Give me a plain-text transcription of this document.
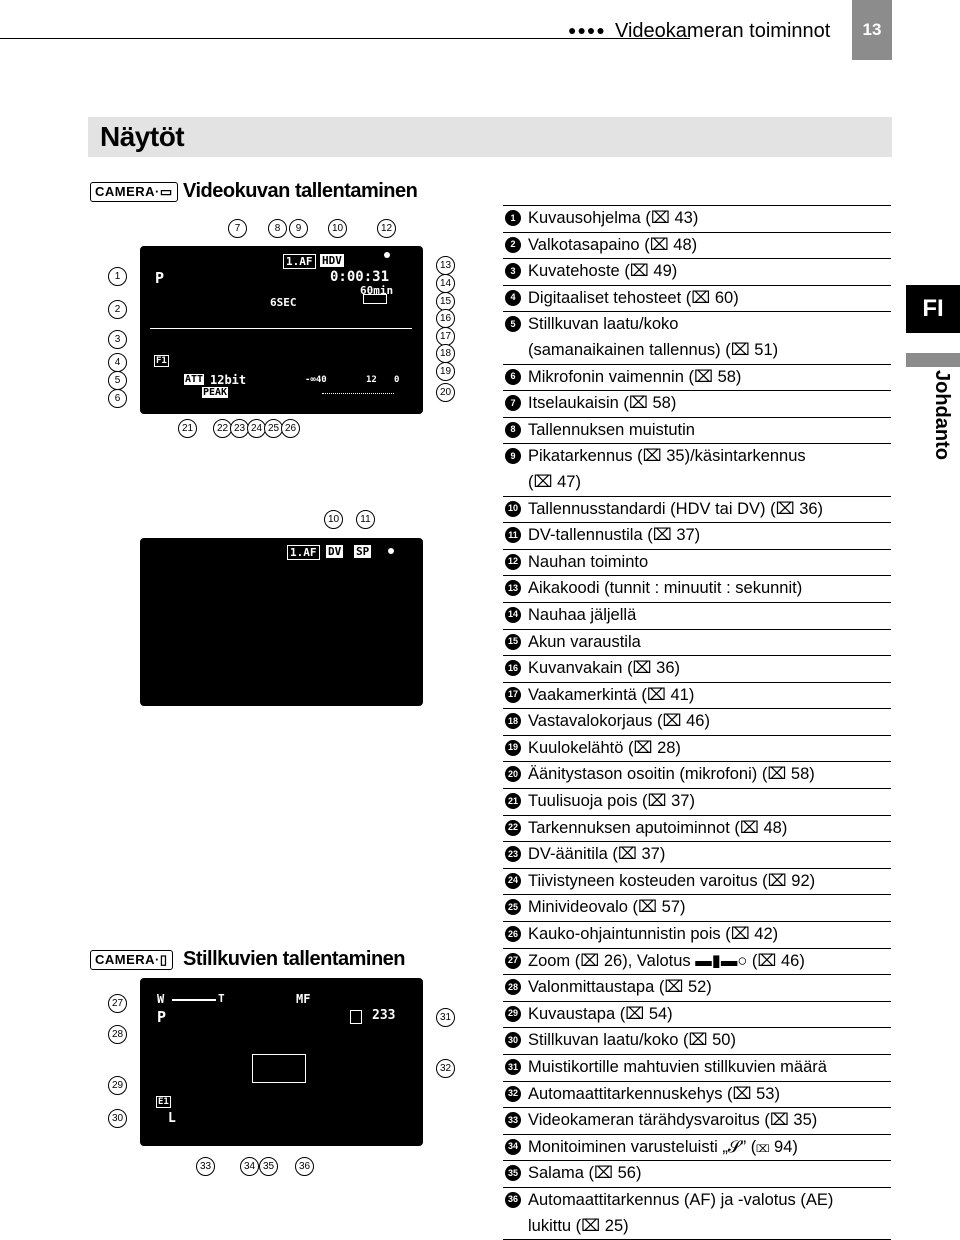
●●●● Videokameran toiminnot	13
Näytöt
FI
Johdanto
CAMERA·▭ Videokuvan tallentaminen
P
1.AF HDV
0:00:31
60min
6SEC
F1
ATT 12bit
PEAK
-∞40	12 0
7	8	9	10	12
1
2
3
4
5
6
13
14
15
16
17
18
19
20
21	22 23 24 25 26
10	11
1.AF DV SP
CAMERA·▯ Stillkuvien tallentaminen
W	T
P
MF
233
E1
L
27
28
29
30
31
32
33	34 35	36
1 Kuvausohjelma (⌧ 43)
2 Valkotasapaino (⌧ 48)
3 Kuvatehoste (⌧ 49)
4 Digitaaliset tehosteet (⌧ 60)
5 Stillkuvan laatu/koko
(samanaikainen tallennus) (⌧ 51)
6 Mikrofonin vaimennin (⌧ 58)
7 Itselaukaisin (⌧ 58)
8 Tallennuksen muistutin
9 Pikatarkennus (⌧ 35)/käsintarkennus
(⌧ 47)
10 Tallennusstandardi (HDV tai DV) (⌧ 36)
11 DV-tallennustila (⌧ 37)
12 Nauhan toiminto
13 Aikakoodi (tunnit : minuutit : sekunnit)
14 Nauhaa jäljellä
15 Akun varaustila
16 Kuvanvakain (⌧ 36)
17 Vaakamerkintä (⌧ 41)
18 Vastavalokorjaus (⌧ 46)
19 Kuulokelähtö (⌧ 28)
20 Äänitystason osoitin (mikrofoni) (⌧ 58)
21 Tuulisuoja pois (⌧ 37)
22 Tarkennuksen aputoiminnot (⌧ 48)
23 DV-äänitila (⌧ 37)
24 Tiivistyneen kosteuden varoitus (⌧ 92)
25 Minivideovalo (⌧ 57)
26 Kauko-ohjaintunnistin pois (⌧ 42)
27 Zoom (⌧ 26), Valotus ▬▮▬○ (⌧ 46)
28 Valonmittaustapa (⌧ 52)
29 Kuvaustapa (⌧ 54)
30 Stillkuvan laatu/koko (⌧ 50)
31 Muistikortille mahtuvien stillkuvien määrä
32 Automaattitarkennuskehys (⌧ 53)
33 Videokameran tärähdysvaroitus (⌧ 35)
34 Monitoiminen varusteluisti „𝓢” (⌧ 94)
35 Salama (⌧ 56)
36 Automaattitarkennus (AF) ja -valotus (AE)
lukittu (⌧ 25)
